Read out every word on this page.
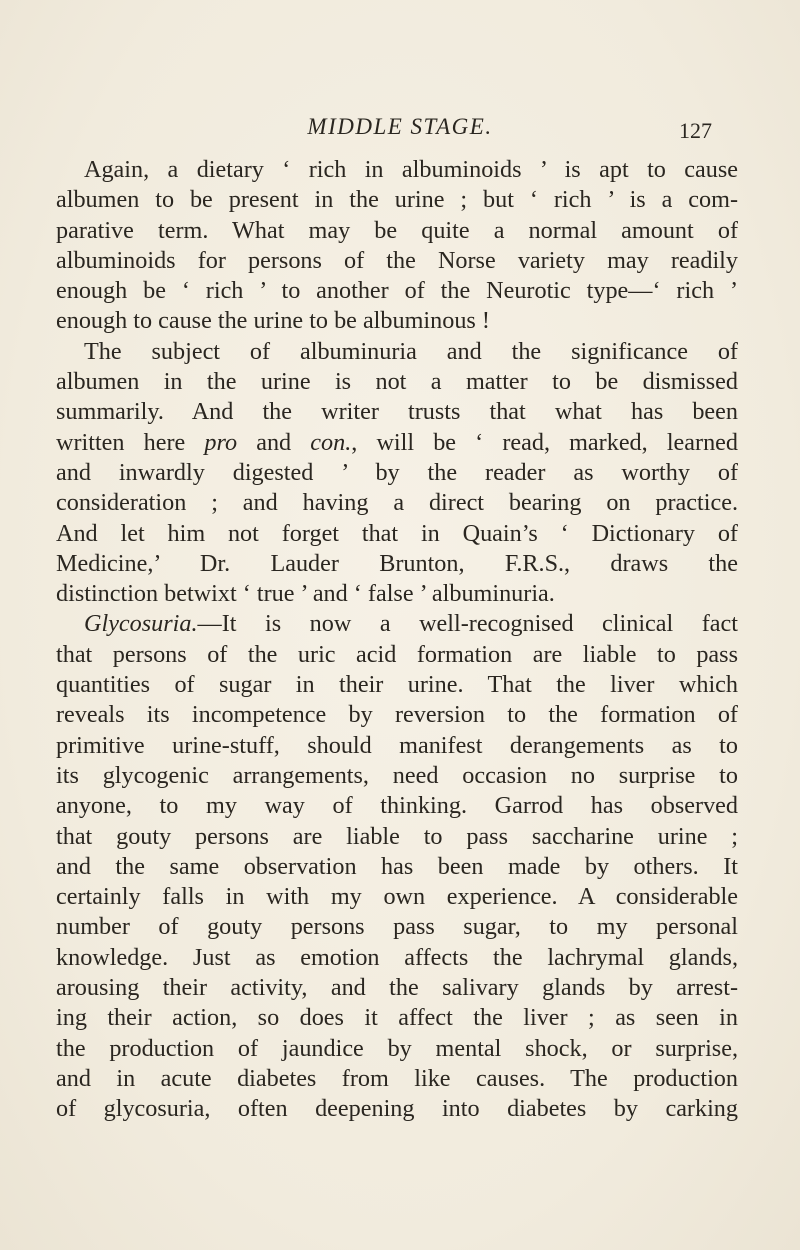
MIDDLE STAGE.	127
Again, a dietary ‘ rich in albuminoids ’ is apt to cause
albumen to be present in the urine ; but ‘ rich ’ is a com-
parative term. What may be quite a normal amount of
albuminoids for persons of the Norse variety may readily
enough be ‘ rich ’ to another of the Neurotic type—‘ rich ’
enough to cause the urine to be albuminous !
The subject of albuminuria and the significance of
albumen in the urine is not a matter to be dismissed
summarily. And the writer trusts that what has been
written here pro and con., will be ‘ read, marked, learned
and inwardly digested ’ by the reader as worthy of
consideration ; and having a direct bearing on practice.
And let him not forget that in Quain’s ‘ Dictionary of
Medicine,’ Dr. Lauder Brunton, F.R.S., draws the
distinction betwixt ‘ true ’ and ‘ false ’ albuminuria.
Glycosuria.—It is now a well-recognised clinical fact
that persons of the uric acid formation are liable to pass
quantities of sugar in their urine. That the liver which
reveals its incompetence by reversion to the formation of
primitive urine-stuff, should manifest derangements as to
its glycogenic arrangements, need occasion no surprise to
anyone, to my way of thinking. Garrod has observed
that gouty persons are liable to pass saccharine urine ;
and the same observation has been made by others. It
certainly falls in with my own experience. A considerable
number of gouty persons pass sugar, to my personal
knowledge. Just as emotion affects the lachrymal glands,
arousing their activity, and the salivary glands by arrest-
ing their action, so does it affect the liver ; as seen in
the production of jaundice by mental shock, or surprise,
and in acute diabetes from like causes. The production
of glycosuria, often deepening into diabetes by carking
